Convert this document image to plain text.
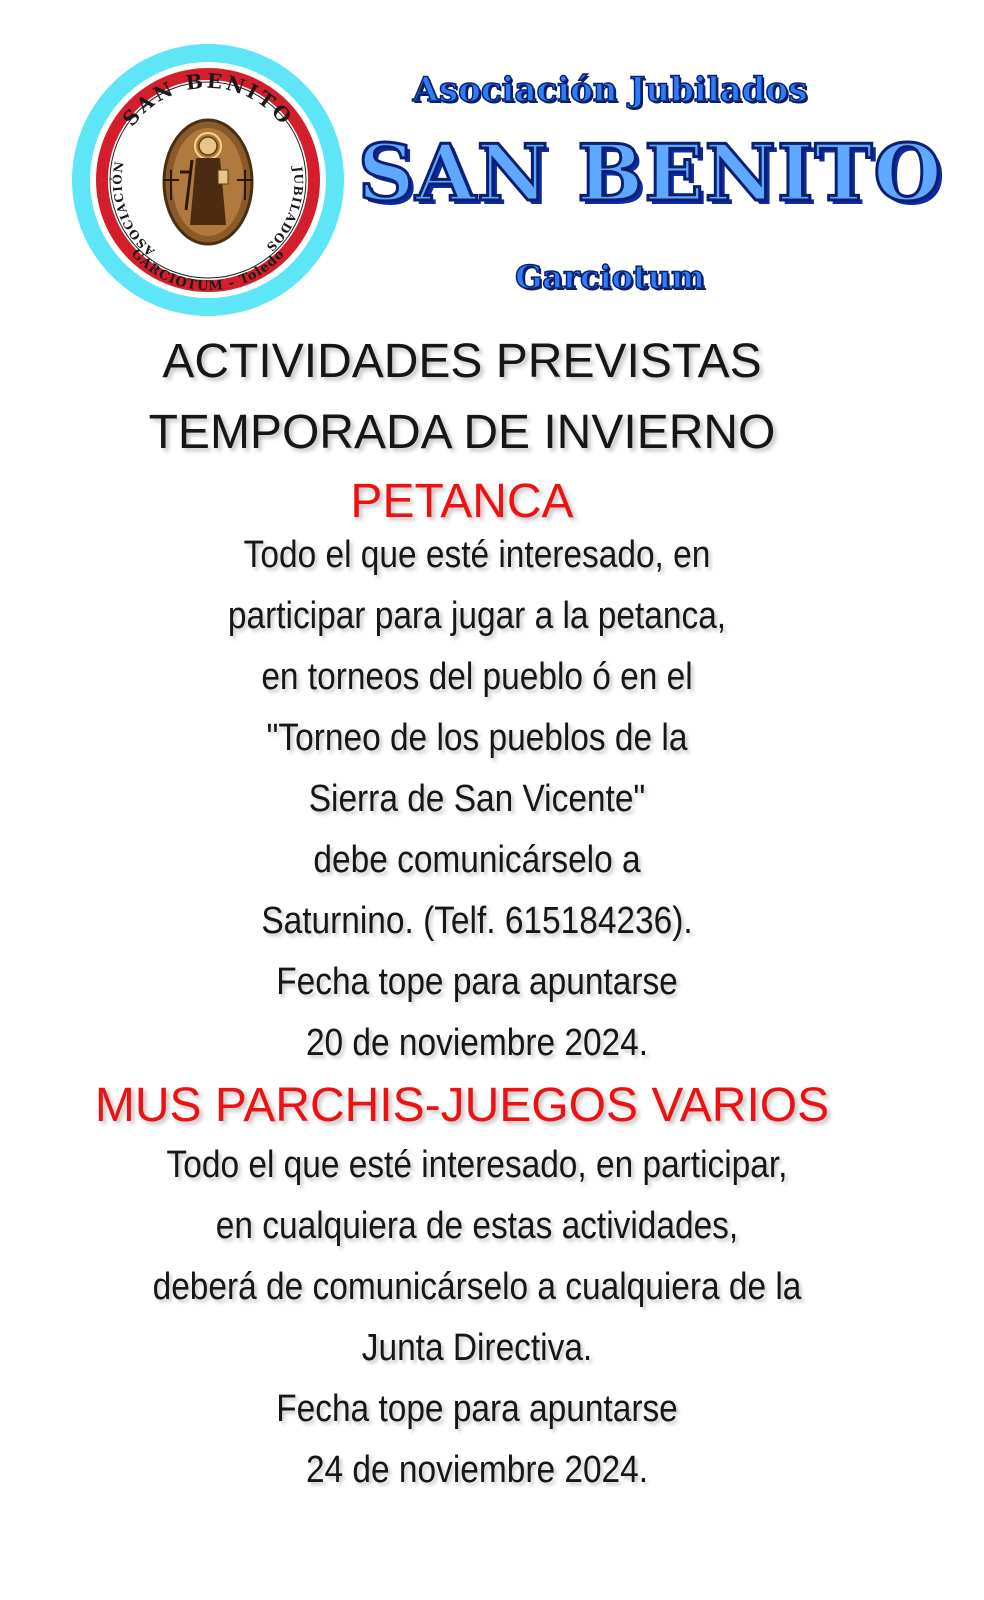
SAN BENITO
GARCIOTUM - Toledo
ASOCIACIÓN	JUBILADOS
Asociación Jubilados
SAN BENITO
Garciotum
ACTIVIDADES PREVISTAS
TEMPORADA DE INVIERNO
PETANCA
Todo el que esté interesado, en
participar para jugar a la petanca,
en torneos del pueblo ó en el
"Torneo de los pueblos de la
Sierra de San Vicente"
debe comunicárselo a
Saturnino. (Telf. 615184236).
Fecha tope para apuntarse
20 de noviembre 2024.
MUS PARCHIS-JUEGOS VARIOS
Todo el que esté interesado, en participar,
en cualquiera de estas actividades,
deberá de comunicárselo a cualquiera de la
Junta Directiva.
Fecha tope para apuntarse
24 de noviembre 2024.
